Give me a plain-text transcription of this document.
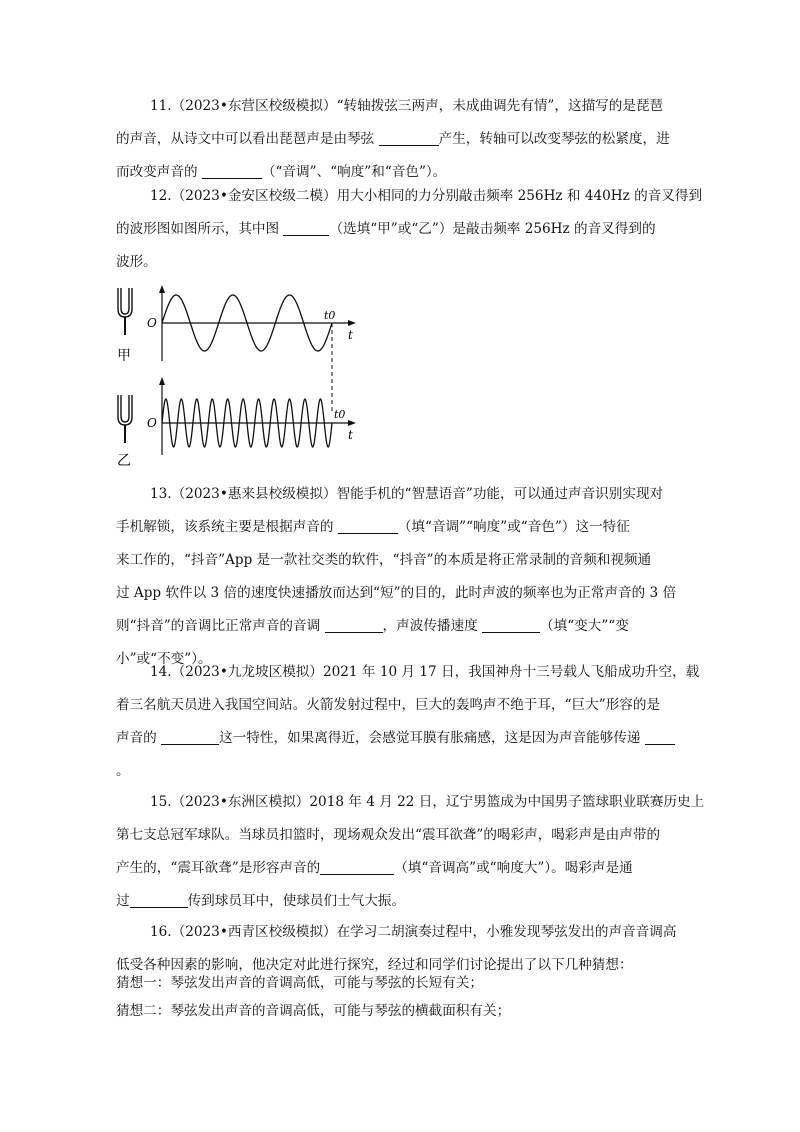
11.（2023•东营区校级模拟）“转轴拨弦三两声，未成曲调先有情”，这描写的是琵琶

的声音，从诗文中可以看出琵琶声是由琴弦	产生，转轴可以改变琴弦的松紧度，进

而改变声音的	（“音调”、“响度”和“音色”）。

12.（2023•金安区校级二模）用大小相同的力分别敲击频率 256Hz 和 440Hz 的音叉得到

的波形图如图所示，其中图	（选填“甲”或“乙”）是敲击频率 256Hz 的音叉得到的

波形。

甲
O
t0
t
乙
O
t0
t

13.（2023•惠来县校级模拟）智能手机的“智慧语音”功能，可以通过声音识别实现对

手机解锁，该系统主要是根据声音的	（填“音调”“响度”或“音色”）这一特征

来工作的，“抖音”App 是一款社交类的软件，“抖音”的本质是将正常录制的音频和视频通

过 App 软件以 3 倍的速度快速播放而达到“短”的目的，此时声波的频率也为正常声音的 3 倍

则“抖音”的音调比正常声音的音调	，声波传播速度	（填“变大”“变

小”或“不变”）。

14.（2023•九龙坡区模拟）2021 年 10 月 17 日，我国神舟十三号载人飞船成功升空，载

着三名航天员进入我国空间站。火箭发射过程中，巨大的轰鸣声不绝于耳，“巨大”形容的是

声音的	这一特性，如果离得近，会感觉耳膜有胀痛感，这是因为声音能够传递

。

15.（2023•东洲区模拟）2018 年 4 月 22 日，辽宁男篮成为中国男子篮球职业联赛历史上

第七支总冠军球队。当球员扣篮时，现场观众发出“震耳欲聋”的喝彩声，喝彩声是由声带的

产生的，“震耳欲聋”是形容声音的	（填“音调高”或“响度大”）。喝彩声是通

过	传到球员耳中，使球员们士气大振。

16.（2023•西青区校级模拟）在学习二胡演奏过程中，小雅发现琴弦发出的声音音调高

低受各种因素的影响，他决定对此进行探究，经过和同学们讨论提出了以下几种猜想：

猜想一：琴弦发出声音的音调高低，可能与琴弦的长短有关；
猜想二：琴弦发出声音的音调高低，可能与琴弦的横截面积有关；
